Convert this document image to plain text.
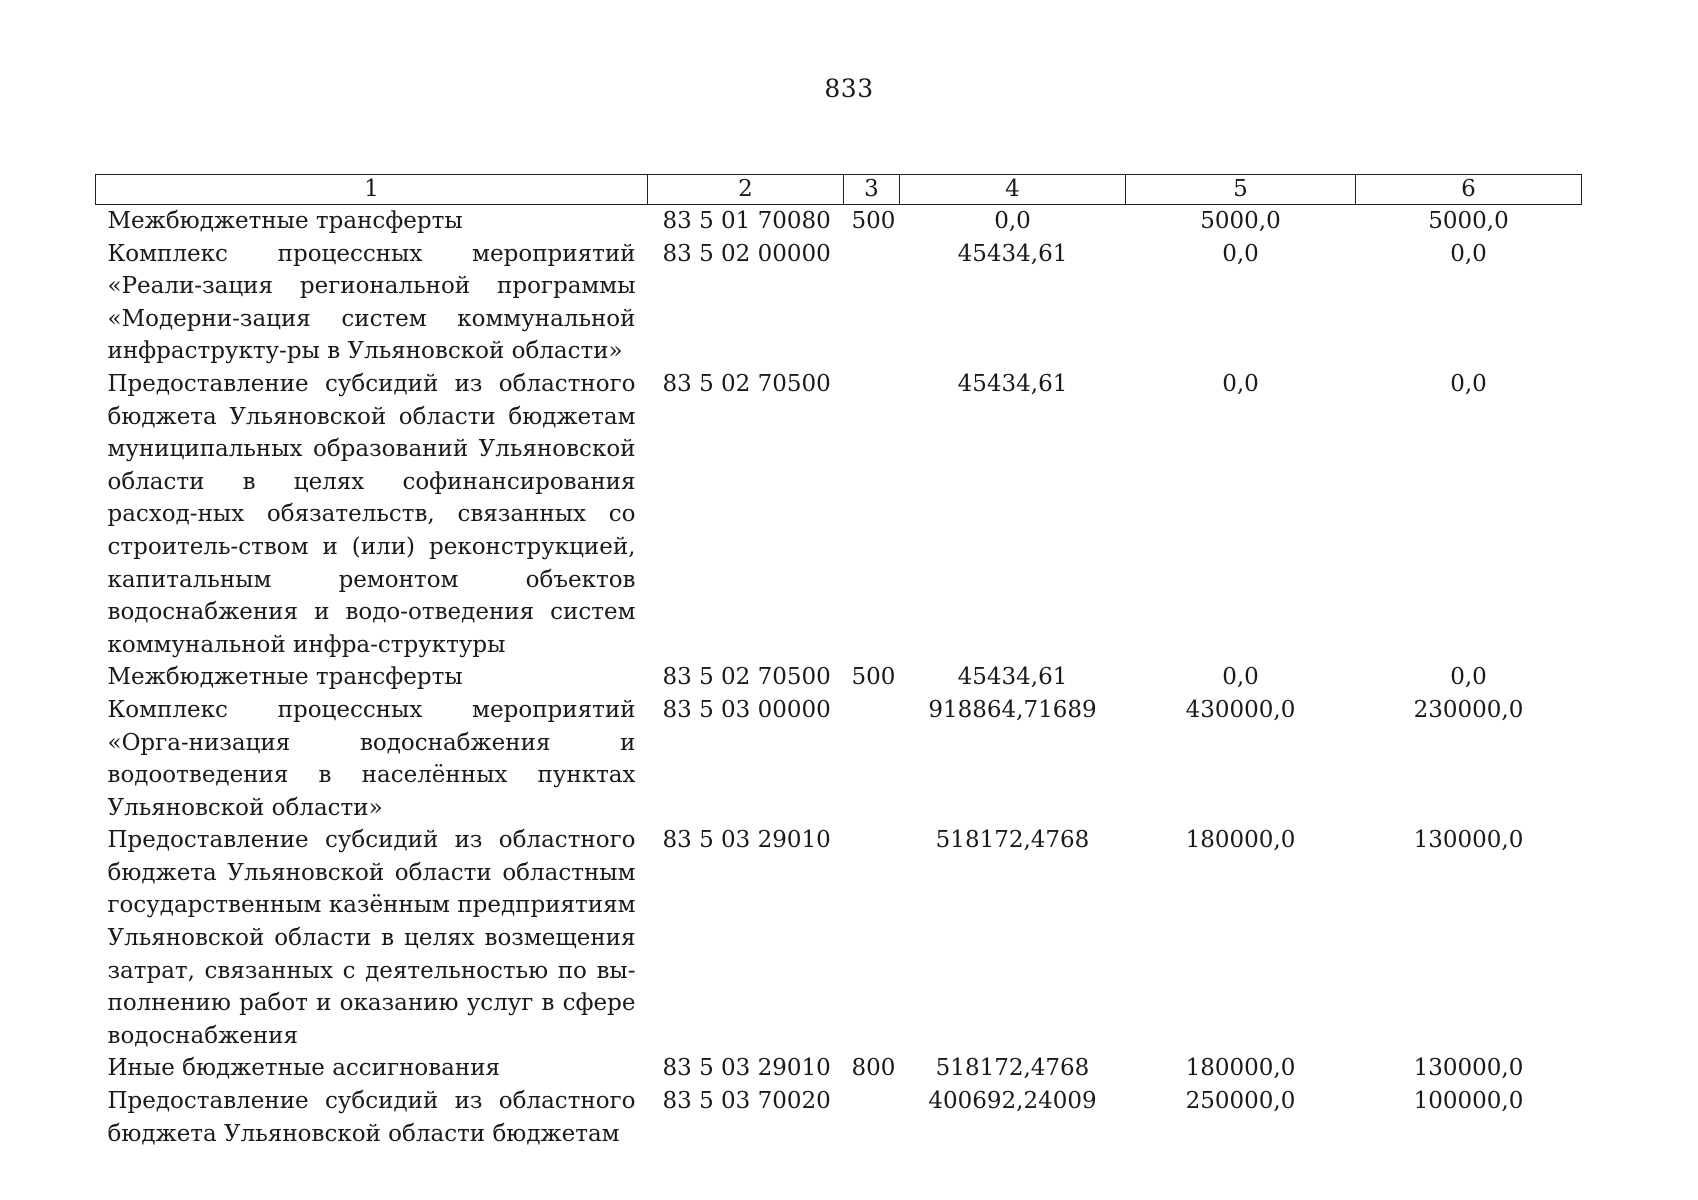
833
1	2	3	4	5	6
Межбюджетные трансферты	83 5 01 70080	500	0,0	5000,0	5000,0
Комплекс процессных мероприятий «Реали-зация региональной программы «Модерни-зация систем коммунальной инфраструкту-ры в Ульяновской области»	83 5 02 00000		45434,61	0,0	0,0
Предоставление субсидий из областного бюджета Ульяновской области бюджетам муниципальных образований Ульяновской области в целях софинансирования расход-ных обязательств, связанных со строитель-ством и (или) реконструкцией, капитальным ремонтом объектов водоснабжения и водо-отведения систем коммунальной инфра-структуры	83 5 02 70500		45434,61	0,0	0,0
Межбюджетные трансферты	83 5 02 70500	500	45434,61	0,0	0,0
Комплекс процессных мероприятий «Орга-низация водоснабжения и водоотведения в населённых пунктах Ульяновской области»	83 5 03 00000		918864,71689	430000,0	230000,0
Предоставление субсидий из областного бюджета Ульяновской области областным государственным казённым предприятиям Ульяновской области в целях возмещения затрат, связанных с деятельностью по вы-полнению работ и оказанию услуг в сфере водоснабжения	83 5 03 29010		518172,4768	180000,0	130000,0
Иные бюджетные ассигнования	83 5 03 29010	800	518172,4768	180000,0	130000,0
Предоставление субсидий из областного бюджета Ульяновской области бюджетам	83 5 03 70020		400692,24009	250000,0	100000,0
